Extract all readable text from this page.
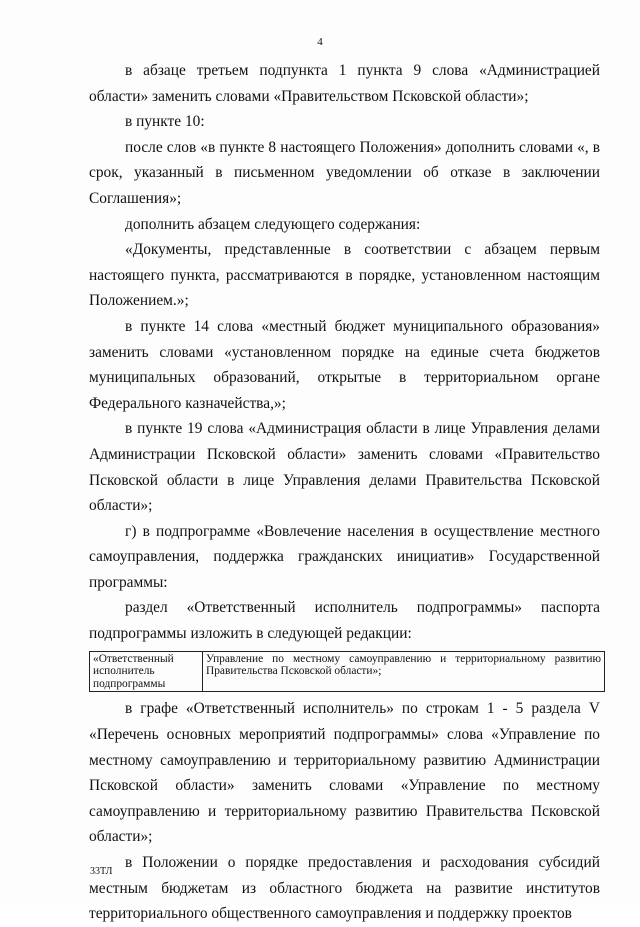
4

в абзаце третьем подпункта 1 пункта 9 слова «Администрацией области» заменить словами «Правительством Псковской области»;

в пункте 10:

после слов «в пункте 8 настоящего Положения» дополнить словами «, в срок, указанный в письменном уведомлении об отказе в заключении Соглашения»;

дополнить абзацем следующего содержания:

«Документы, представленные в соответствии с абзацем первым настоящего пункта, рассматриваются в порядке, установленном настоящим Положением.»;

в пункте 14 слова «местный бюджет муниципального образования» заменить словами «установленном порядке на единые счета бюджетов муниципальных образований, открытые в территориальном органе Федерального казначейства,»;

в пункте 19 слова «Администрация области в лице Управления делами Администрации Псковской области» заменить словами «Правительство Псковской области в лице Управления делами Правительства Псковской области»;

г) в подпрограмме «Вовлечение населения в осуществление местного самоуправления, поддержка гражданских инициатив» Государственной программы:

раздел «Ответственный исполнитель подпрограммы» паспорта подпрограммы изложить в следующей редакции:

«Ответственный исполнитель подпрограммы	Управление по местному самоуправлению и территориальному развитию Правительства Псковской области»;

в графе «Ответственный исполнитель» по строкам 1 - 5 раздела V «Перечень основных мероприятий подпрограммы» слова «Управление по местному самоуправлению и территориальному развитию Администрации Псковской области» заменить словами «Управление по местному самоуправлению и территориальному развитию Правительства Псковской области»;

в Положении о порядке предоставления и расходования субсидий местным бюджетам из областного бюджета на развитие институтов территориального общественного самоуправления и поддержку проектов

33ТЛ
